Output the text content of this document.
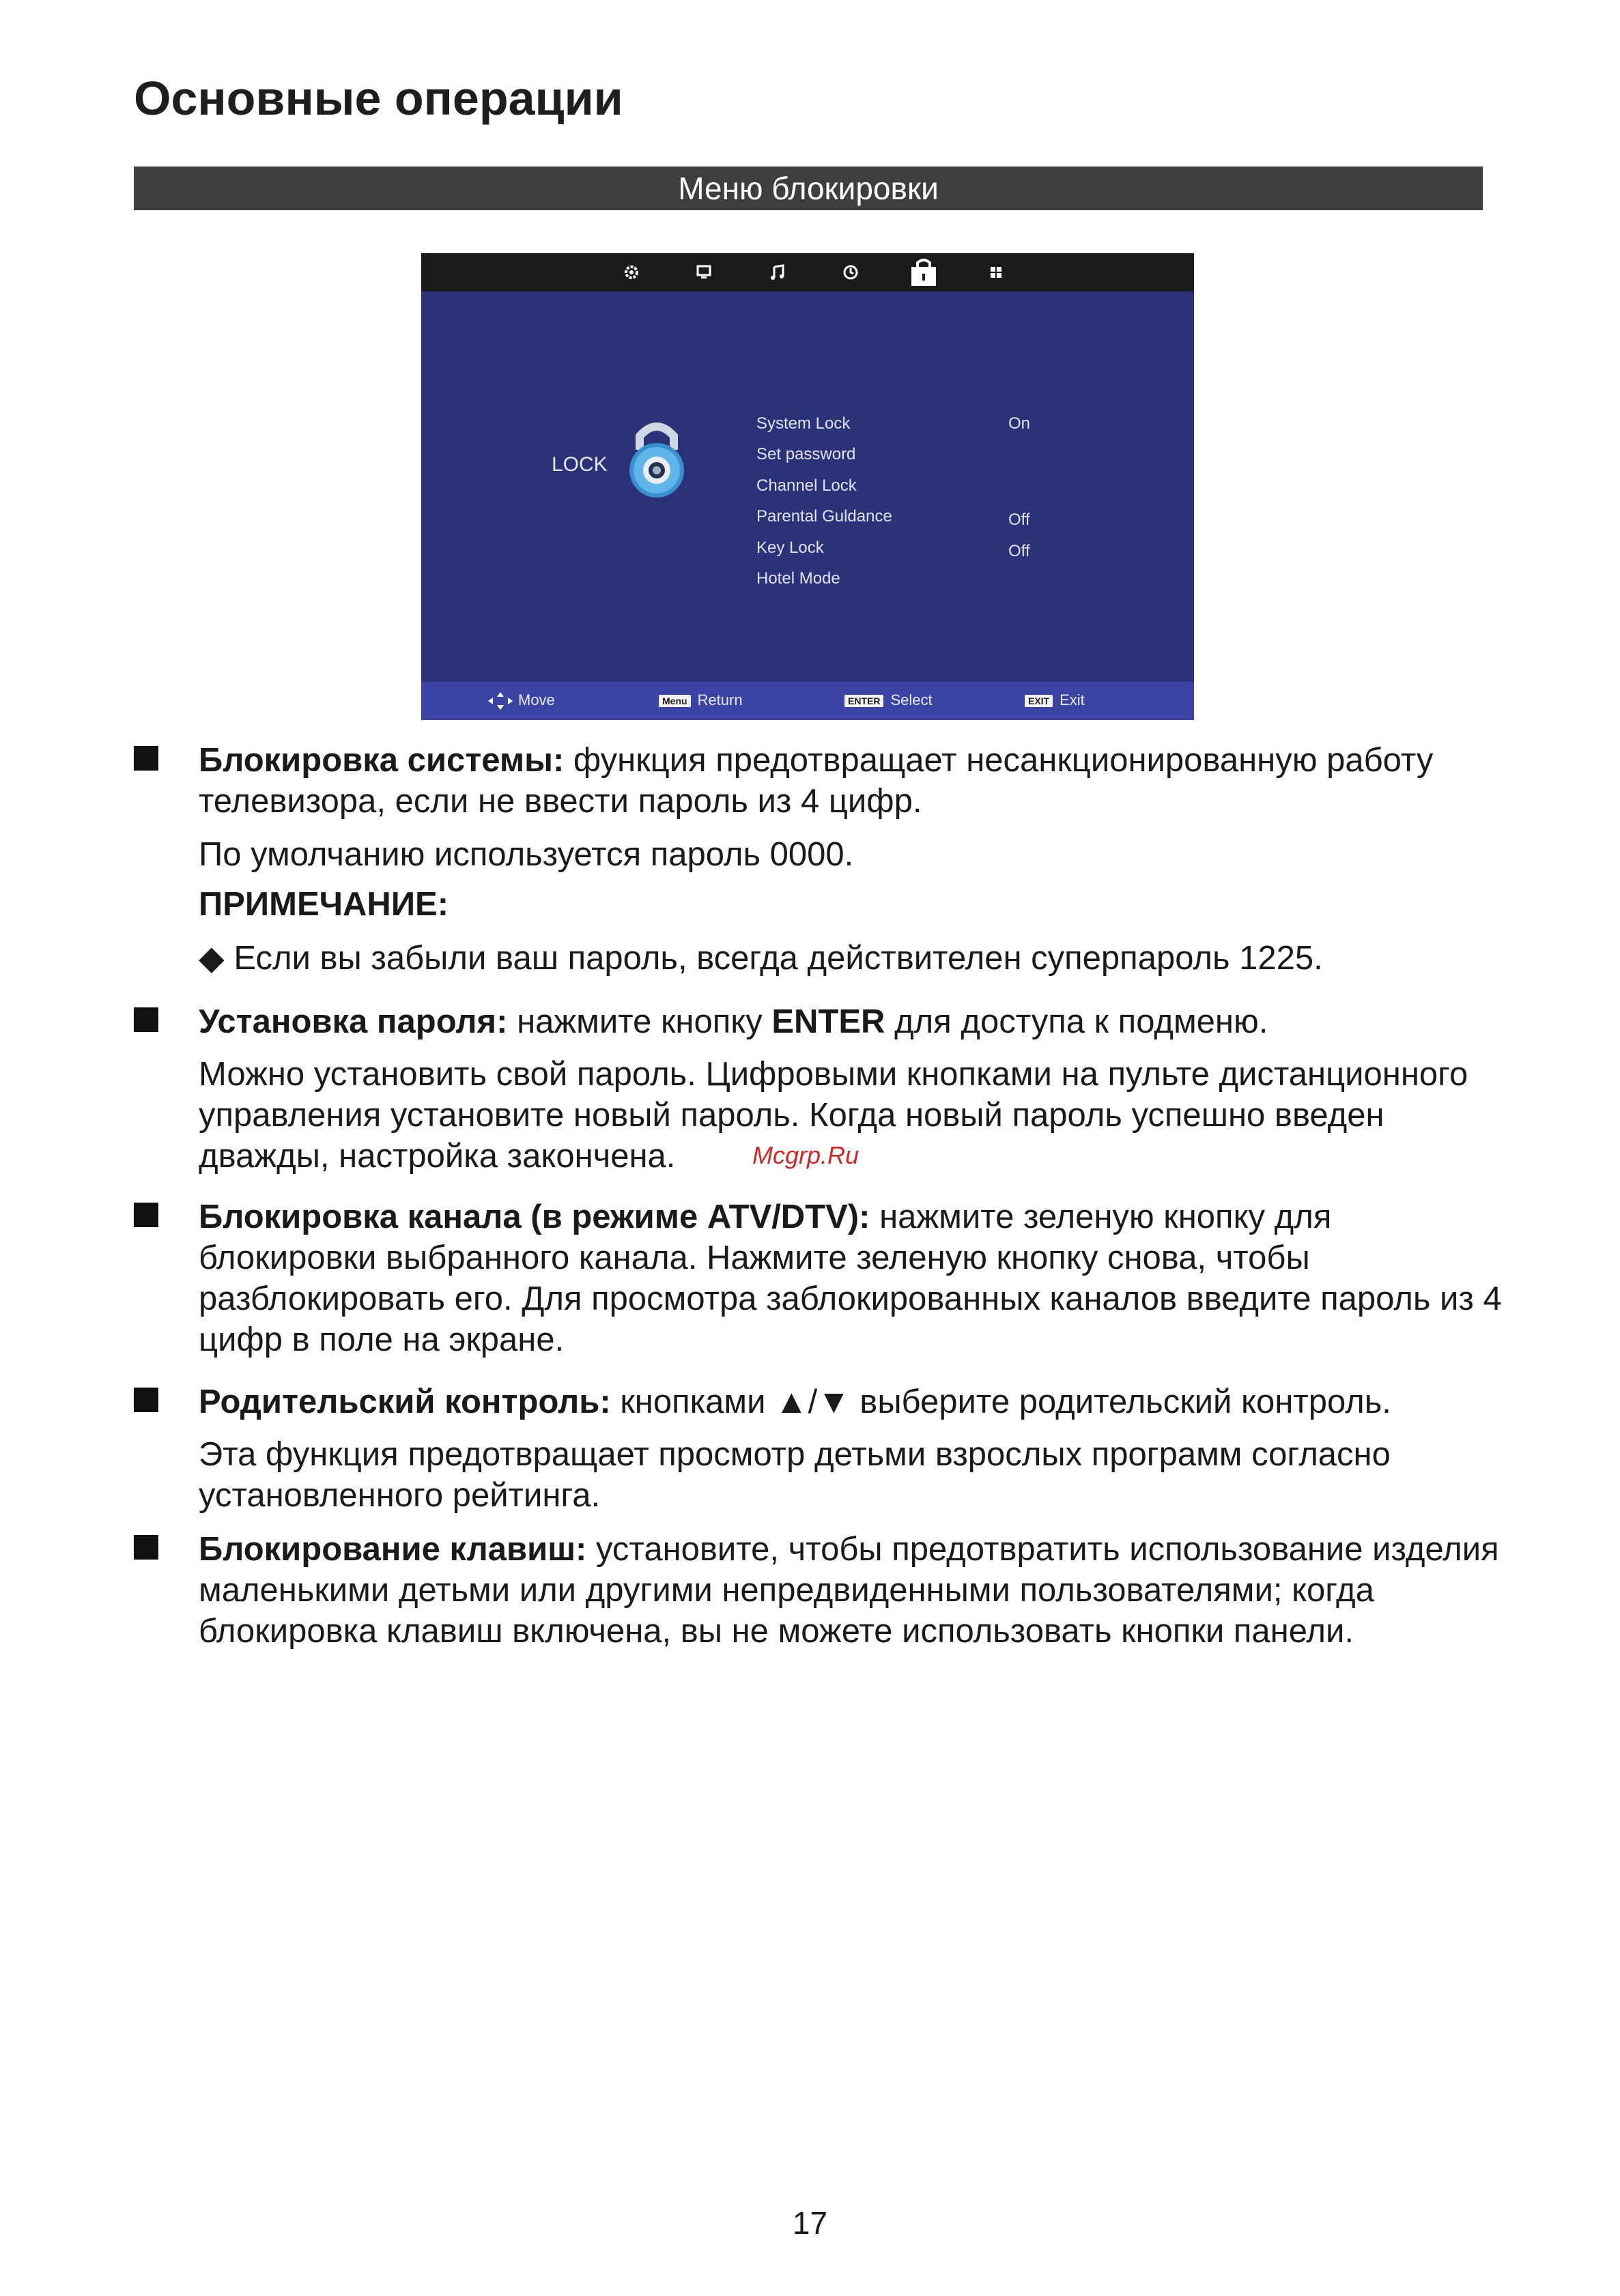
Основные операции
Меню блокировки
LOCK
System Lock	On
Set password
Channel Lock
Parental Guldance	Off
Key Lock	Off
Hotel Mode
Move	Menu Return	ENTER Select	EXIT Exit
Блокировка системы: функция предотвращает несанкционированную работу телевизора, если не ввести пароль из 4 цифр.
По умолчанию используется пароль 0000.
ПРИМЕЧАНИЕ:
◆ Если вы забыли ваш пароль, всегда действителен суперпароль 1225.
Установка пароля: нажмите кнопку ENTER для доступа к подменю.
Можно установить свой пароль. Цифровыми кнопками на пульте дистанционного управления установите новый пароль. Когда новый пароль успешно введен дважды, настройка закончена.	Mcgrp.Ru
Блокировка канала (в режиме ATV/DTV): нажмите зеленую кнопку для блокировки выбранного канала. Нажмите зеленую кнопку снова, чтобы разблокировать его. Для просмотра заблокированных каналов введите пароль из 4 цифр в поле на экране.
Родительский контроль: кнопками ▲/▼ выберите родительский контроль.
Эта функция предотвращает просмотр детьми взрослых программ согласно установленного рейтинга.
Блокирование клавиш: установите, чтобы предотвратить использование изделия маленькими детьми или другими непредвиденными пользователями; когда блокировка клавиш включена, вы не можете использовать кнопки панели.
17
